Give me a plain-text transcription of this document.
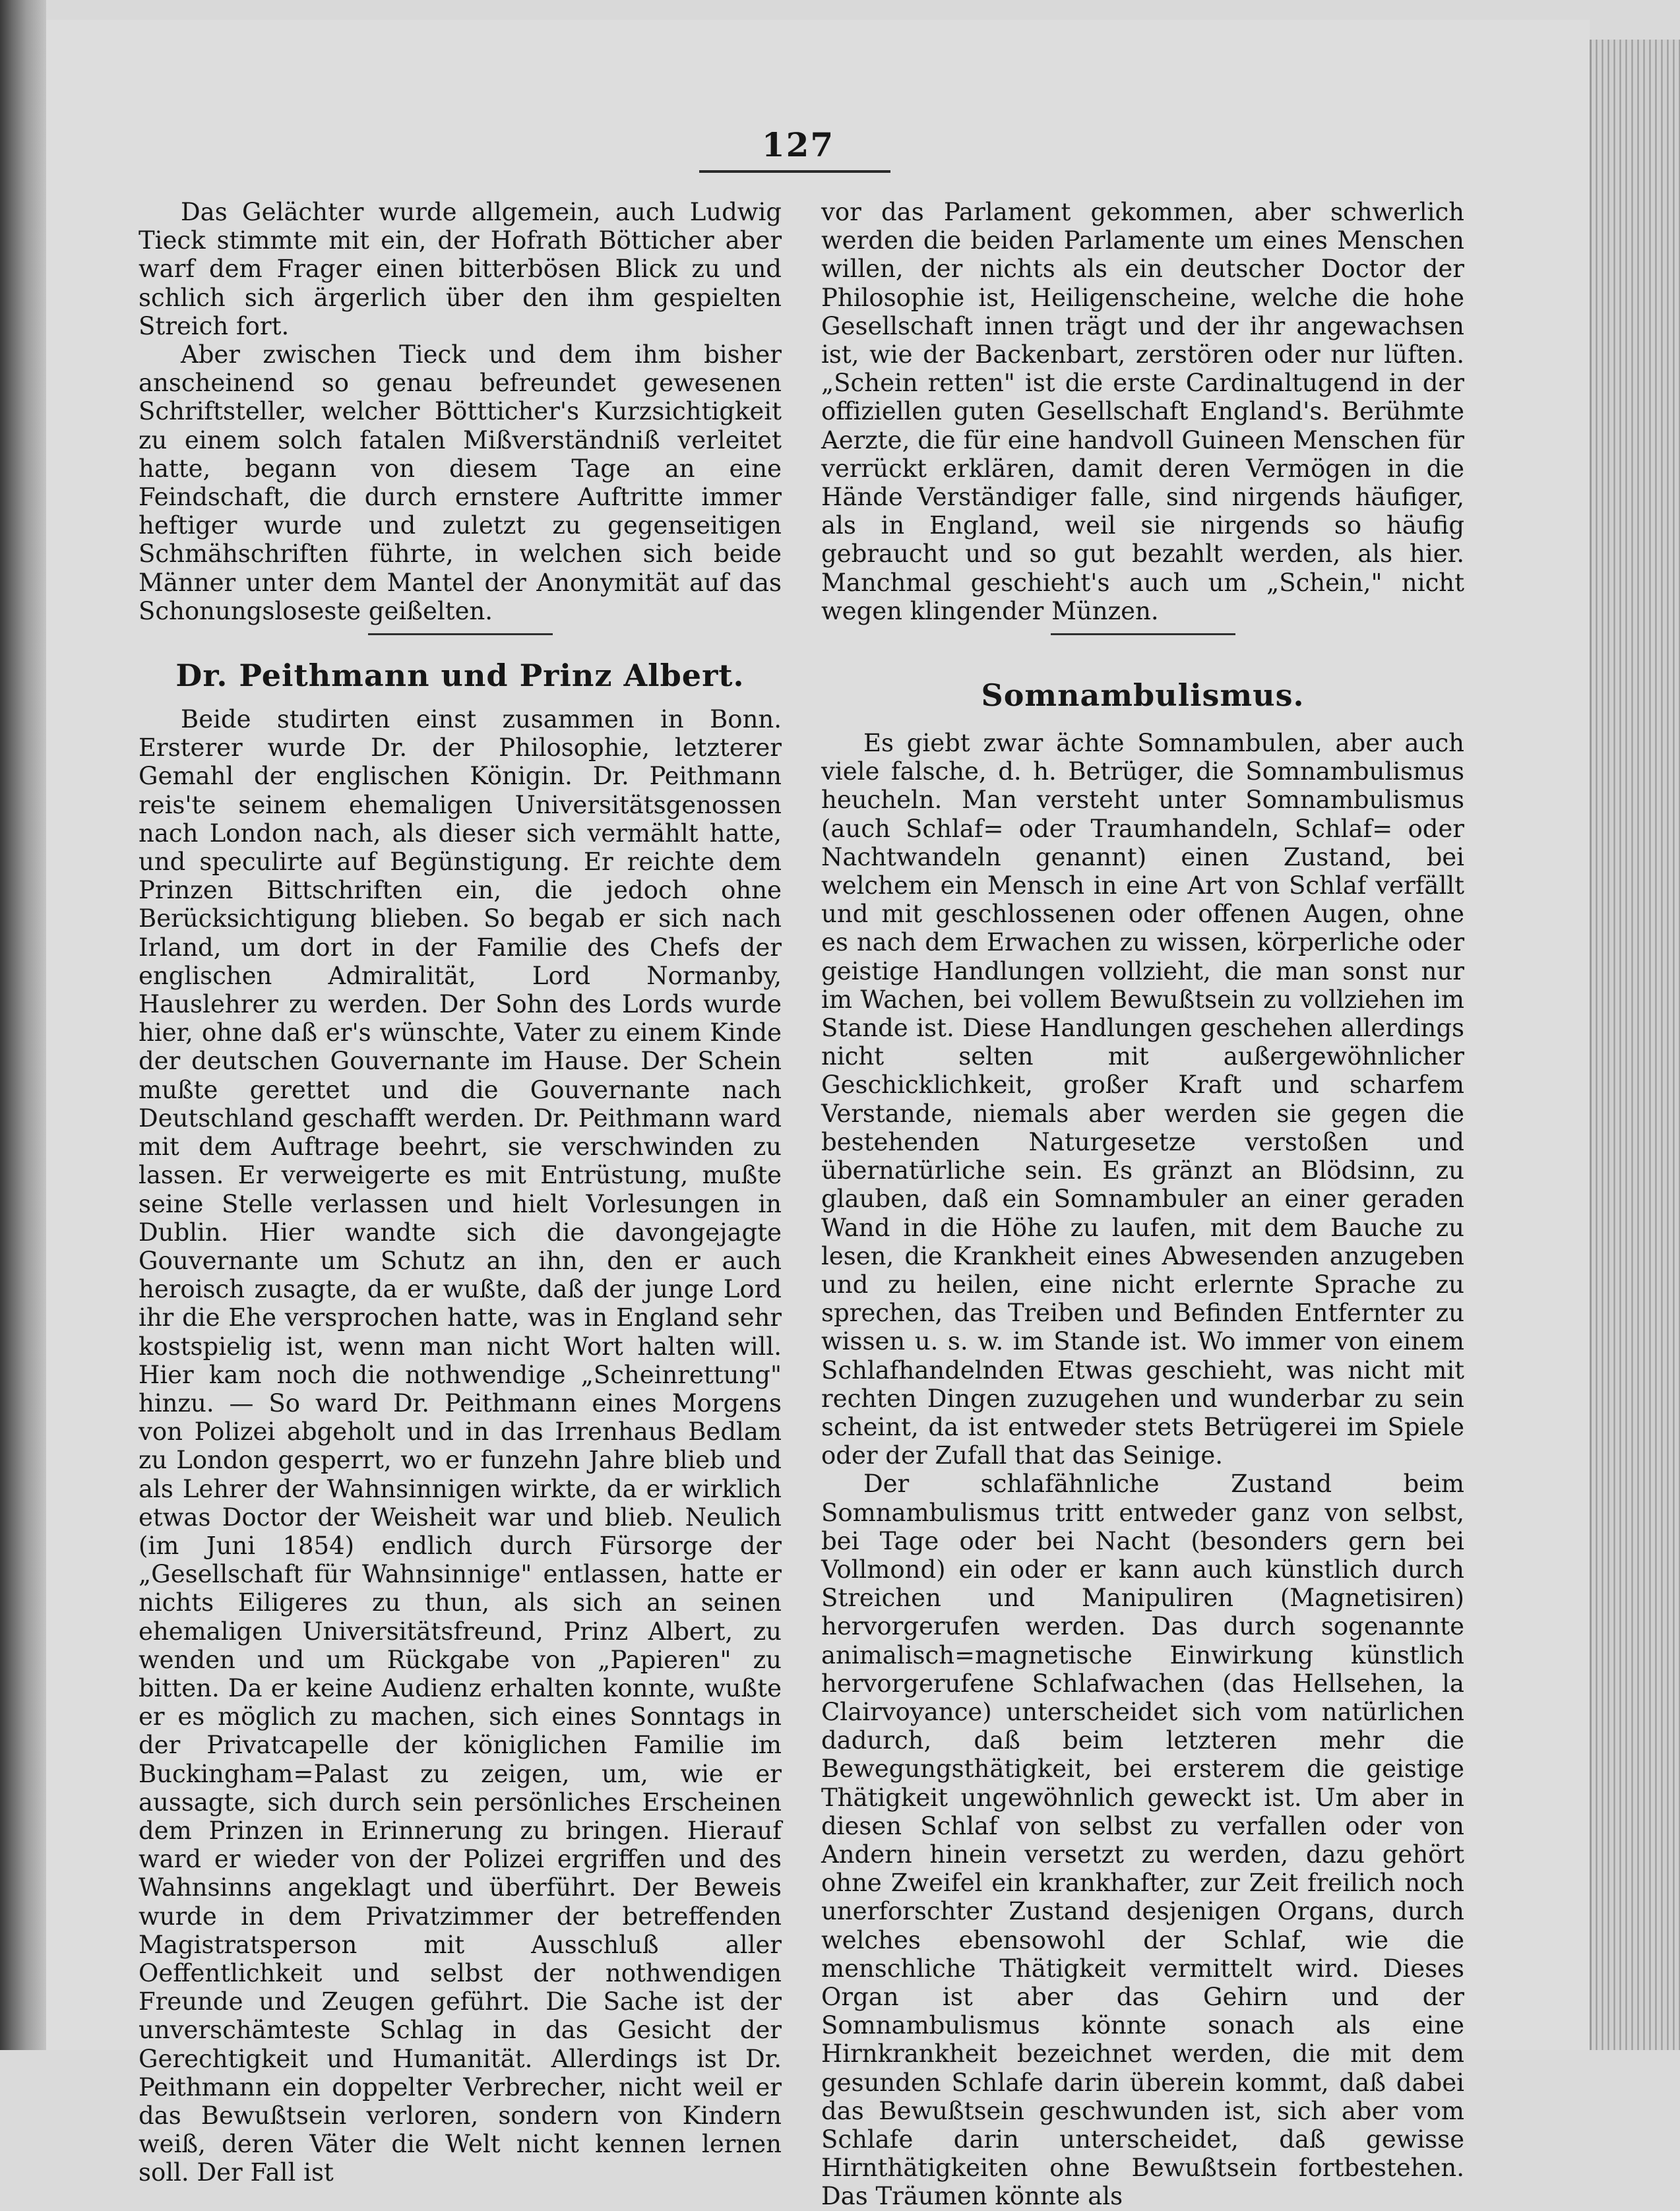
127

Das Gelächter wurde allgemein, auch Ludwig Tieck stimmte mit ein, der Hofrath Bötticher aber warf dem Frager einen bitterbösen Blick zu und schlich sich ärgerlich über den ihm gespielten Streich fort.

Aber zwischen Tieck und dem ihm bisher anscheinend so genau befreundet gewesenen Schriftsteller, welcher Böttticher's Kurzsichtigkeit zu einem solch fatalen Mißverständniß verleitet hatte, begann von diesem Tage an eine Feindschaft, die durch ernstere Auftritte immer heftiger wurde und zuletzt zu gegenseitigen Schmähschriften führte, in welchen sich beide Männer unter dem Mantel der Anonymität auf das Schonungsloseste geißelten.

Dr. Peithmann und Prinz Albert.

Beide studirten einst zusammen in Bonn. Ersterer wurde Dr. der Philosophie, letzterer Gemahl der englischen Königin. Dr. Peithmann reis'te seinem ehemaligen Universitätsgenossen nach London nach, als dieser sich vermählt hatte, und speculirte auf Begünstigung. Er reichte dem Prinzen Bittschriften ein, die jedoch ohne Berücksichtigung blieben. So begab er sich nach Irland, um dort in der Familie des Chefs der englischen Admiralität, Lord Normanby, Hauslehrer zu werden. Der Sohn des Lords wurde hier, ohne daß er's wünschte, Vater zu einem Kinde der deutschen Gouvernante im Hause. Der Schein mußte gerettet und die Gouvernante nach Deutschland geschafft werden. Dr. Peithmann ward mit dem Auftrage beehrt, sie verschwinden zu lassen. Er verweigerte es mit Entrüstung, mußte seine Stelle verlassen und hielt Vorlesungen in Dublin. Hier wandte sich die davongejagte Gouvernante um Schutz an ihn, den er auch heroisch zusagte, da er wußte, daß der junge Lord ihr die Ehe versprochen hatte, was in England sehr kostspielig ist, wenn man nicht Wort halten will. Hier kam noch die nothwendige „Scheinrettung" hinzu. — So ward Dr. Peithmann eines Morgens von Polizei abgeholt und in das Irrenhaus Bedlam zu London gesperrt, wo er funzehn Jahre blieb und als Lehrer der Wahnsinnigen wirkte, da er wirklich etwas Doctor der Weisheit war und blieb. Neulich (im Juni 1854) endlich durch Fürsorge der „Gesellschaft für Wahnsinnige" entlassen, hatte er nichts Eiligeres zu thun, als sich an seinen ehemaligen Universitätsfreund, Prinz Albert, zu wenden und um Rückgabe von „Papieren" zu bitten. Da er keine Audienz erhalten konnte, wußte er es möglich zu machen, sich eines Sonntags in der Privatcapelle der königlichen Familie im Buckingham=Palast zu zeigen, um, wie er aussagte, sich durch sein persönliches Erscheinen dem Prinzen in Erinnerung zu bringen. Hierauf ward er wieder von der Polizei ergriffen und des Wahnsinns angeklagt und überführt. Der Beweis wurde in dem Privatzimmer der betreffenden Magistratsperson mit Ausschluß aller Oeffentlichkeit und selbst der nothwendigen Freunde und Zeugen geführt. Die Sache ist der unverschämteste Schlag in das Gesicht der Gerechtigkeit und Humanität. Allerdings ist Dr. Peithmann ein doppelter Verbrecher, nicht weil er das Bewußtsein verloren, sondern von Kindern weiß, deren Väter die Welt nicht kennen lernen soll. Der Fall ist

vor das Parlament gekommen, aber schwerlich werden die beiden Parlamente um eines Menschen willen, der nichts als ein deutscher Doctor der Philosophie ist, Heiligenscheine, welche die hohe Gesellschaft innen trägt und der ihr angewachsen ist, wie der Backenbart, zerstören oder nur lüften. „Schein retten" ist die erste Cardinaltugend in der offiziellen guten Gesellschaft England's. Berühmte Aerzte, die für eine handvoll Guineen Menschen für verrückt erklären, damit deren Vermögen in die Hände Verständiger falle, sind nirgends häufiger, als in England, weil sie nirgends so häufig gebraucht und so gut bezahlt werden, als hier. Manchmal geschieht's auch um „Schein," nicht wegen klingender Münzen.

Somnambulismus.

Es giebt zwar ächte Somnambulen, aber auch viele falsche, d. h. Betrüger, die Somnambulismus heucheln. Man versteht unter Somnambulismus (auch Schlaf= oder Traumhandeln, Schlaf= oder Nachtwandeln genannt) einen Zustand, bei welchem ein Mensch in eine Art von Schlaf verfällt und mit geschlossenen oder offenen Augen, ohne es nach dem Erwachen zu wissen, körperliche oder geistige Handlungen vollzieht, die man sonst nur im Wachen, bei vollem Bewußtsein zu vollziehen im Stande ist. Diese Handlungen geschehen allerdings nicht selten mit außergewöhnlicher Geschicklichkeit, großer Kraft und scharfem Verstande, niemals aber werden sie gegen die bestehenden Naturgesetze verstoßen und übernatürliche sein. Es gränzt an Blödsinn, zu glauben, daß ein Somnambuler an einer geraden Wand in die Höhe zu laufen, mit dem Bauche zu lesen, die Krankheit eines Abwesenden anzugeben und zu heilen, eine nicht erlernte Sprache zu sprechen, das Treiben und Befinden Entfernter zu wissen u. s. w. im Stande ist. Wo immer von einem Schlafhandelnden Etwas geschieht, was nicht mit rechten Dingen zuzugehen und wunderbar zu sein scheint, da ist entweder stets Betrügerei im Spiele oder der Zufall that das Seinige.

Der schlafähnliche Zustand beim Somnambulismus tritt entweder ganz von selbst, bei Tage oder bei Nacht (besonders gern bei Vollmond) ein oder er kann auch künstlich durch Streichen und Manipuliren (Magnetisiren) hervorgerufen werden. Das durch sogenannte animalisch=magnetische Einwirkung künstlich hervorgerufene Schlafwachen (das Hellsehen, la Clairvoyance) unterscheidet sich vom natürlichen dadurch, daß beim letzteren mehr die Bewegungsthätigkeit, bei ersterem die geistige Thätigkeit ungewöhnlich geweckt ist. Um aber in diesen Schlaf von selbst zu verfallen oder von Andern hinein versetzt zu werden, dazu gehört ohne Zweifel ein krankhafter, zur Zeit freilich noch unerforschter Zustand desjenigen Organs, durch welches ebensowohl der Schlaf, wie die menschliche Thätigkeit vermittelt wird. Dieses Organ ist aber das Gehirn und der Somnambulismus könnte sonach als eine Hirnkrankheit bezeichnet werden, die mit dem gesunden Schlafe darin überein kommt, daß dabei das Bewußtsein geschwunden ist, sich aber vom Schlafe darin unterscheidet, daß gewisse Hirnthätigkeiten ohne Bewußtsein fortbestehen. Das Träumen könnte als
